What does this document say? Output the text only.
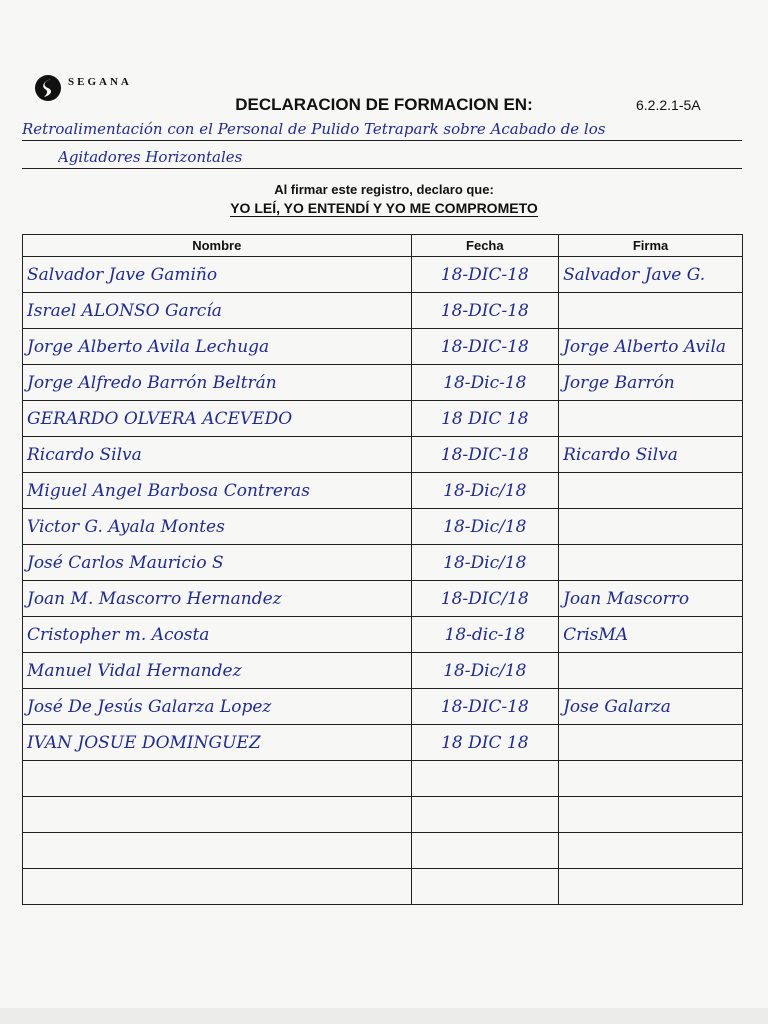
SEGANA
DECLARACION DE FORMACION EN:	6.2.2.1-5A
Retroalimentación con el Personal de Pulido Tetrapark sobre Acabado de los
Agitadores Horizontales
Al firmar este registro, declaro que:
YO LEÍ, YO ENTENDÍ Y YO ME COMPROMETO
Nombre	Fecha	Firma
Salvador Jave Gamiño	18-DIC-18	Salvador Jave G.
Israel ALONSO García	18-DIC-18	
Jorge Alberto Avila Lechuga	18-DIC-18	Jorge Alberto Avila
Jorge Alfredo Barrón Beltrán	18-Dic-18	Jorge Barrón
GERARDO OLVERA ACEVEDO	18 DIC 18	
Ricardo Silva	18-DIC-18	Ricardo Silva
Miguel Angel Barbosa Contreras	18-Dic/18	
Victor G. Ayala Montes	18-Dic/18	
José Carlos Mauricio S	18-Dic/18	
Joan M. Mascorro Hernandez	18-DIC/18	Joan Mascorro
Cristopher m. Acosta	18-dic-18	CrisMA
Manuel Vidal Hernandez	18-Dic/18	
José De Jesús Galarza Lopez	18-DIC-18	Jose Galarza
IVAN JOSUE DOMINGUEZ	18 DIC 18	
